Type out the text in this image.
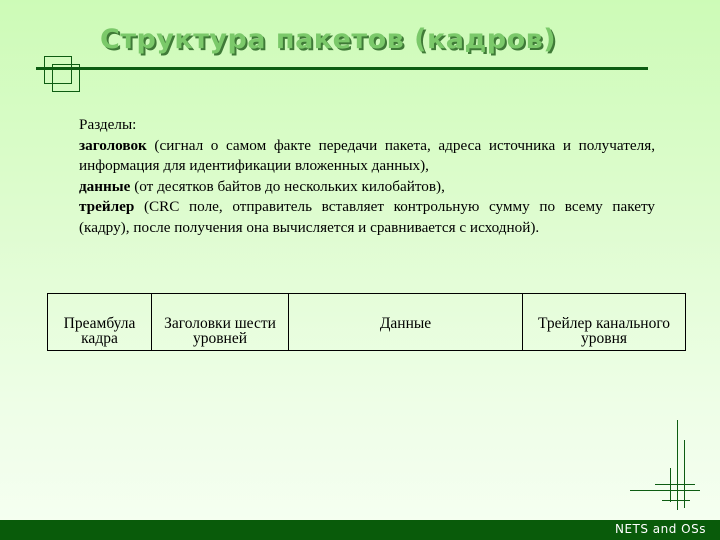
Структура пакетов (кадров)

Разделы:

заголовок (сигнал о самом факте передачи пакета, адреса источника и получателя, информация для идентификации вложенных данных),

данные (от десятков байтов до нескольких килобайтов),

трейлер (CRC поле, отправитель вставляет контрольную сумму по всему пакету (кадру), после получения она вычисляется и сравнивается с исходной).

Преамбула кадра	Заголовки шести уровней	Данные	Трейлер канального уровня
NETS and OSs
